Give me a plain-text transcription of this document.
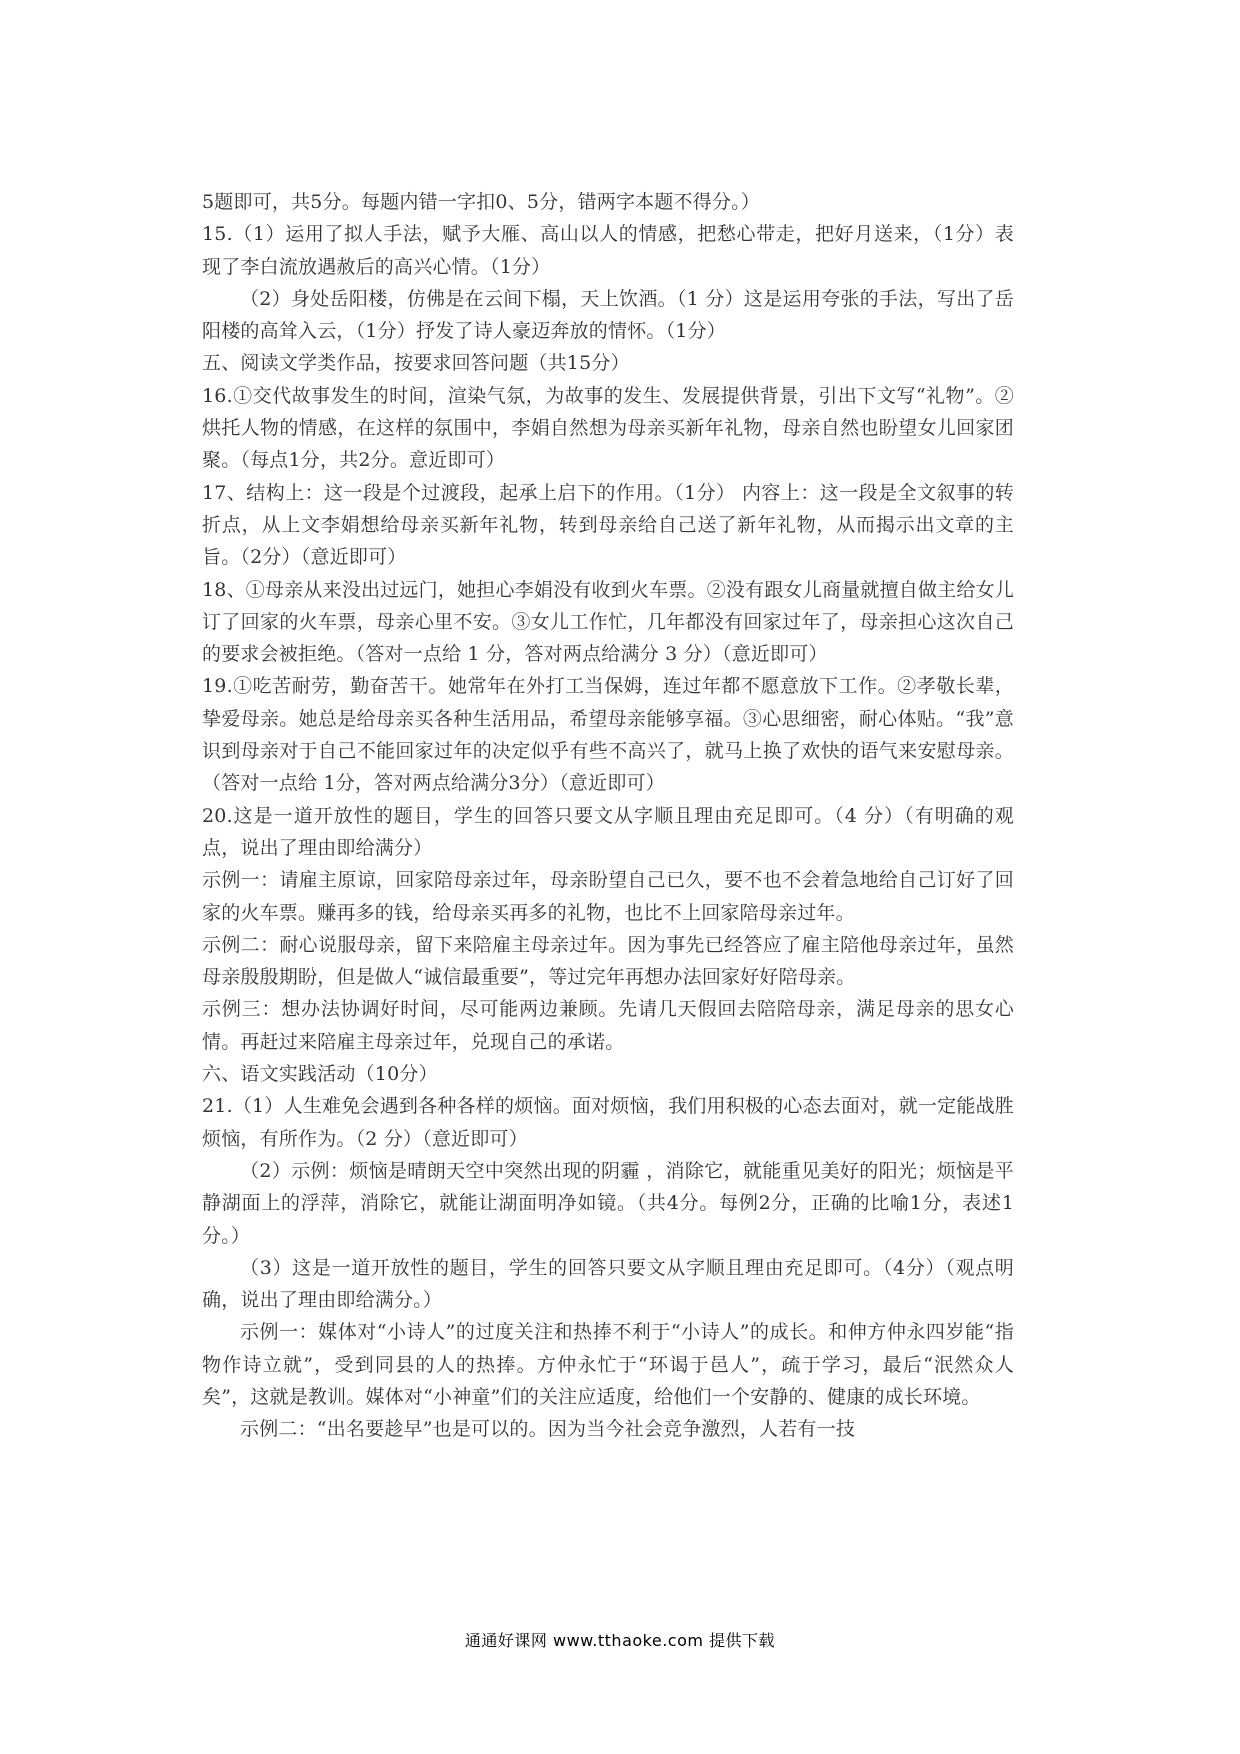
5题即可，共5分。每题内错一字扣0、5分，错两字本题不得分。）

15.（1）运用了拟人手法，赋予大雁、高山以人的情感，把愁心带走，把好月送来，（1分）表现了李白流放遇赦后的高兴心情。（1分）

（2）身处岳阳楼，仿佛是在云间下榻，天上饮酒。（1 分）这是运用夸张的手法，写出了岳阳楼的高耸入云，（1分）抒发了诗人豪迈奔放的情怀。（1分）

五、阅读文学类作品，按要求回答问题（共15分）

16.①交代故事发生的时间，渲染气氛，为故事的发生、发展提供背景，引出下文写“礼物”。②烘托人物的情感，在这样的氛围中，李娟自然想为母亲买新年礼物，母亲自然也盼望女儿回家团聚。（每点1分，共2分。意近即可）

17、结构上：这一段是个过渡段，起承上启下的作用。（1分） 内容上：这一段是全文叙事的转折点，从上文李娟想给母亲买新年礼物，转到母亲给自己送了新年礼物，从而揭示出文章的主旨。（2分）（意近即可）

18、①母亲从来没出过远门，她担心李娟没有收到火车票。②没有跟女儿商量就擅自做主给女儿订了回家的火车票，母亲心里不安。③女儿工作忙，几年都没有回家过年了，母亲担心这次自己的要求会被拒绝。（答对一点给 1 分，答对两点给满分 3 分）（意近即可）

19.①吃苦耐劳，勤奋苦干。她常年在外打工当保姆，连过年都不愿意放下工作。②孝敬长辈，挚爱母亲。她总是给母亲买各种生活用品，希望母亲能够享福。③心思细密，耐心体贴。“我”意识到母亲对于自己不能回家过年的决定似乎有些不高兴了，就马上换了欢快的语气来安慰母亲。（答对一点给 1分，答对两点给满分3分）（意近即可）

20.这是一道开放性的题目，学生的回答只要文从字顺且理由充足即可。（4 分）（有明确的观点，说出了理由即给满分）

示例一：请雇主原谅，回家陪母亲过年，母亲盼望自己已久，要不也不会着急地给自己订好了回家的火车票。赚再多的钱，给母亲买再多的礼物，也比不上回家陪母亲过年。

示例二：耐心说服母亲，留下来陪雇主母亲过年。因为事先已经答应了雇主陪他母亲过年，虽然母亲殷殷期盼，但是做人“诚信最重要”，等过完年再想办法回家好好陪母亲。

示例三：想办法协调好时间，尽可能两边兼顾。先请几天假回去陪陪母亲，满足母亲的思女心情。再赶过来陪雇主母亲过年，兑现自己的承诺。

六、语文实践活动（10分）

21.（1）人生难免会遇到各种各样的烦恼。面对烦恼，我们用积极的心态去面对，就一定能战胜烦恼，有所作为。（2 分）（意近即可）

（2）示例：烦恼是晴朗天空中突然出现的阴霾 ，消除它，就能重见美好的阳光；烦恼是平静湖面上的浮萍，消除它，就能让湖面明净如镜。（共4分。每例2分，正确的比喻1分，表述1分。）

（3）这是一道开放性的题目，学生的回答只要文从字顺且理由充足即可。（4分）（观点明确，说出了理由即给满分。）

示例一：媒体对“小诗人”的过度关注和热捧不利于“小诗人”的成长。和伸方仲永四岁能“指物作诗立就”，受到同县的人的热捧。方仲永忙于“环谒于邑人”，疏于学习，最后“泯然众人矣”，这就是教训。媒体对“小神童”们的关注应适度，给他们一个安静的、健康的成长环境。

示例二：“出名要趁早”也是可以的。因为当今社会竞争激烈，人若有一技

通通好课网 www.tthaoke.com 提供下载
